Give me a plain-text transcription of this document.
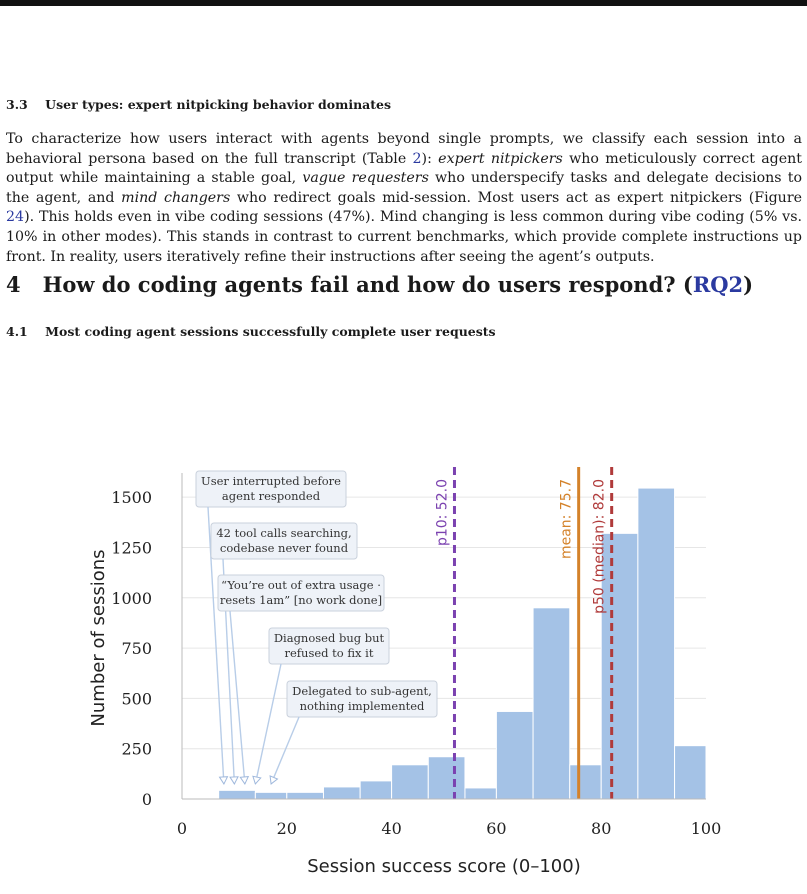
3.3 User types: expert nitpicking behavior dominates
To characterize how users interact with agents beyond single prompts, we classify each session into a behavioral persona based on the full transcript (Table 2): expert nitpickers who meticulously correct agent output while maintaining a stable goal, vague requesters who underspecify tasks and delegate decisions to the agent, and mind changers who redirect goals mid-session. Most users act as expert nitpickers (Figure 24). This holds even in vibe coding sessions (47%). Mind changing is less common during vibe coding (5% vs. 10% in other modes). This stands in contrast to current benchmarks, which provide complete instructions up front. In reality, users iteratively refine their instructions after seeing the agent’s outputs.
4 How do coding agents fail and how do users respond? (RQ2)
4.1 Most coding agent sessions successfully complete user requests
p10: 52.0	mean: 75.7 p50 (median): 82.0
0
250
500
750
1000
1250
1500
0	20	40	60	80	100
User interrupted before
agent responded
42 tool calls searching,
codebase never found
“You’re out of extra usage ·
resets 1am” [no work done]
Diagnosed bug but
refused to fix it
Delegated to sub-agent,
nothing implemented
Session success score (0–100)
Number of sessions
